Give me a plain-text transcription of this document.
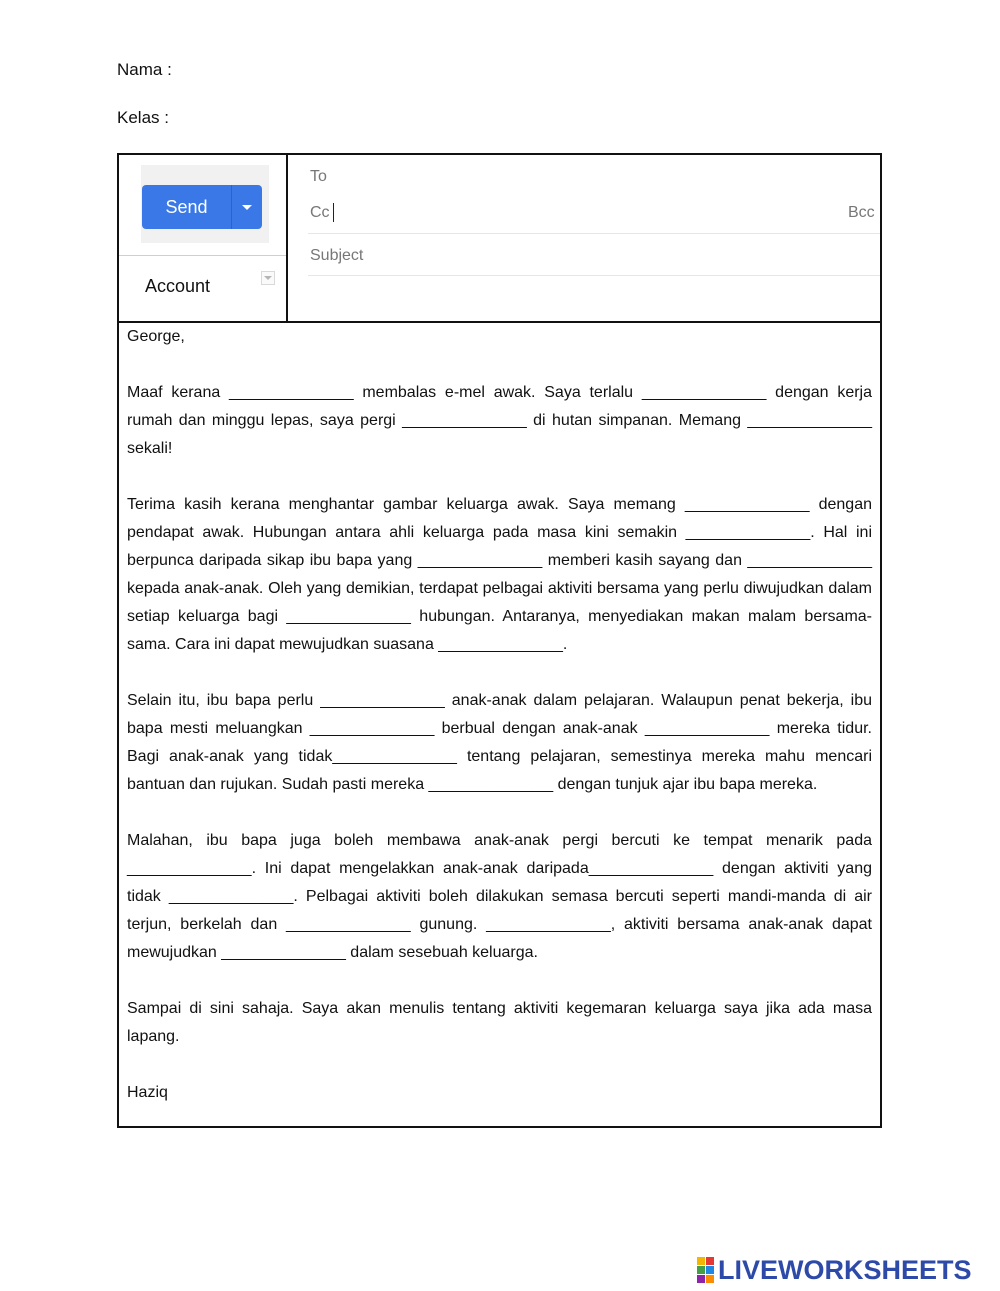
Nama :
Kelas :
Send
Account
To
Cc	Bcc
Subject

George,

Maaf kerana ______________ membalas e-mel awak. Saya terlalu ______________ dengan kerja rumah dan minggu lepas, saya pergi ______________ di hutan simpanan. Memang ______________ sekali!

Terima kasih kerana menghantar gambar keluarga awak. Saya memang ______________ dengan pendapat awak. Hubungan antara ahli keluarga pada masa kini semakin ______________. Hal ini berpunca daripada sikap ibu bapa yang ______________ memberi kasih sayang dan ______________ kepada anak-anak. Oleh yang demikian, terdapat pelbagai aktiviti bersama yang perlu diwujudkan dalam setiap keluarga bagi ______________ hubungan. Antaranya, menyediakan makan malam bersama-sama. Cara ini dapat mewujudkan suasana ______________.

Selain itu, ibu bapa perlu ______________ anak-anak dalam pelajaran. Walaupun penat bekerja, ibu bapa mesti meluangkan ______________ berbual dengan anak-anak ______________ mereka tidur. Bagi anak-anak yang tidak______________ tentang pelajaran, semestinya mereka mahu mencari bantuan dan rujukan. Sudah pasti mereka ______________ dengan tunjuk ajar ibu bapa mereka.

Malahan, ibu bapa juga boleh membawa anak-anak pergi bercuti ke tempat menarik pada ______________. Ini dapat mengelakkan anak-anak daripada______________ dengan aktiviti yang tidak ______________. Pelbagai aktiviti boleh dilakukan semasa bercuti seperti mandi-manda di air terjun, berkelah dan ______________ gunung. ______________, aktiviti bersama anak-anak dapat mewujudkan ______________ dalam sesebuah keluarga.

Sampai di sini sahaja. Saya akan menulis tentang aktiviti kegemaran keluarga saya jika ada masa lapang.

Haziq

LIVEWORKSHEETS
